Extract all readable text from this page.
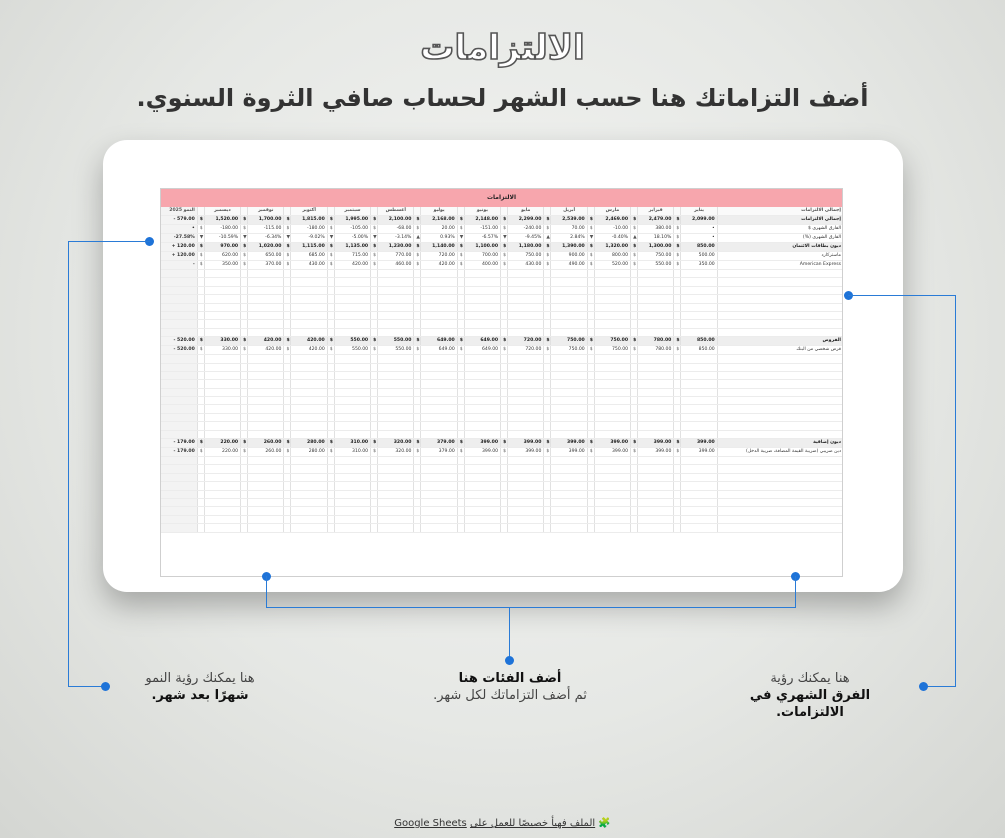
الالتزامات
أضف التزاماتك هنا حسب الشهر لحساب صافي الثروة السنوي.
الالتزامات
النمو 2025		ديسمبر		نوفمبر		أكتوبر		سبتمبر		أغسطس		يوليو		يونيو		مايو		أبريل		مارس		فبراير		يناير	إجمالي الالتزامات
- 579.00	$	1,520.00	$	1,700.00	$	1,815.00	$	1,995.00	$	2,100.00	$	2,168.00	$	2,148.00	$	2,299.00	$	2,539.00	$	2,469.00	$	2,479.00	$	2,099.00	إجمالي الالتزامات
•	$	-180.00	$	-115.00	$	-180.00	$	-105.00	$	-68.00	$	20.00	$	-151.00	$	-240.00	$	70.00	$	-10.00	$	380.00	$	•	الفارق الشهري $
-27.58%	▼	-10.59%	▼	-6.34%	▼	-9.02%	▼	-5.00%	▼	-3.14%	▲	0.93%	▼	-6.57%	▼	-9.45%	▲	2.84%	▼	-0.40%	▲	18.10%	$	•	الفارق الشهري (%)
+ 120.00	$	970.00	$	1,020.00	$	1,115.00	$	1,135.00	$	1,230.00	$	1,140.00	$	1,100.00	$	1,180.00	$	1,390.00	$	1,320.00	$	1,300.00	$	850.00	ديون بطاقات الائتمان
+ 120.00	$	620.00	$	650.00	$	685.00	$	715.00	$	770.00	$	720.00	$	700.00	$	750.00	$	900.00	$	800.00	$	750.00	$	500.00	ماستركارد
-	$	350.00	$	370.00	$	430.00	$	420.00	$	460.00	$	420.00	$	400.00	$	430.00	$	490.00	$	520.00	$	550.00	$	350.00	American Express

- 520.00	$	330.00	$	420.00	$	420.00	$	550.00	$	550.00	$	649.00	$	649.00	$	720.00	$	750.00	$	750.00	$	780.00	$	850.00	القروض
- 520.00	$	330.00	$	420.00	$	420.00	$	550.00	$	550.00	$	649.00	$	649.00	$	720.00	$	750.00	$	750.00	$	780.00	$	850.00	قرض شخصي من البنك

- 179.00	$	220.00	$	260.00	$	280.00	$	310.00	$	320.00	$	379.00	$	399.00	$	399.00	$	399.00	$	399.00	$	399.00	$	399.00	ديون إضافية
- 179.00	$	220.00	$	260.00	$	280.00	$	310.00	$	320.00	$	379.00	$	399.00	$	399.00	$	399.00	$	399.00	$	399.00	$	399.00	دين ضريبي (ضريبة القيمة المضافة، ضريبة الدخل)

هنا يمكنك رؤية
الفرق الشهري في الالتزامات.
أضف الفئات هنا
ثم أضف التزاماتك لكل شهر.
هنا يمكنك رؤية النمو
شهرًا بعد شهر.
🧩 الملف فهيأ خصيصًا للعمل على Google Sheets
